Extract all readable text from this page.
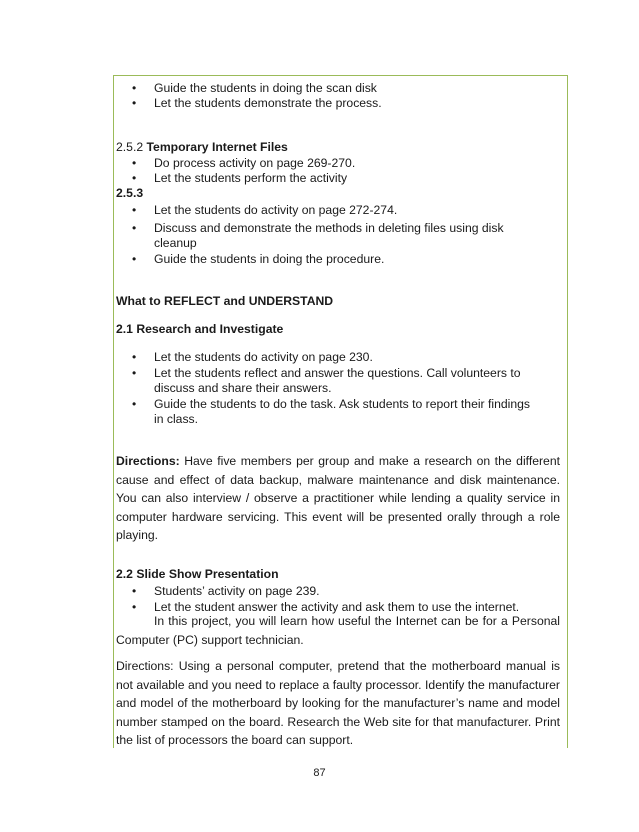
• Guide the students in doing the scan disk
• Let the students demonstrate the process.
2.5.2 Temporary Internet Files
• Do process activity on page 269-270.
• Let the students perform the activity
2.5.3
• Let the students do activity on page 272-274.
• Discuss and demonstrate the methods in deleting files using disk
cleanup
• Guide the students in doing the procedure.
What to REFLECT and UNDERSTAND
2.1 Research and Investigate
• Let the students do activity on page 230.
• Let the students reflect and answer the questions. Call volunteers to
discuss and share their answers.
• Guide the students to do the task. Ask students to report their findings
in class.
Directions: Have five members per group and make a research on the different cause and effect of data backup, malware maintenance and disk maintenance. You can also interview / observe a practitioner while lending a quality service in computer hardware servicing. This event will be presented orally through a role playing.
2.2 Slide Show Presentation
• Students’ activity on page 239.
• Let the student answer the activity and ask them to use the internet.
In this project, you will learn how useful the Internet can be for a Personal Computer (PC) support technician.
Directions: Using a personal computer, pretend that the motherboard manual is not available and you need to replace a faulty processor. Identify the manufacturer and model of the motherboard by looking for the manufacturer’s name and model number stamped on the board. Research the Web site for that manufacturer. Print the list of processors the board can support.
87
